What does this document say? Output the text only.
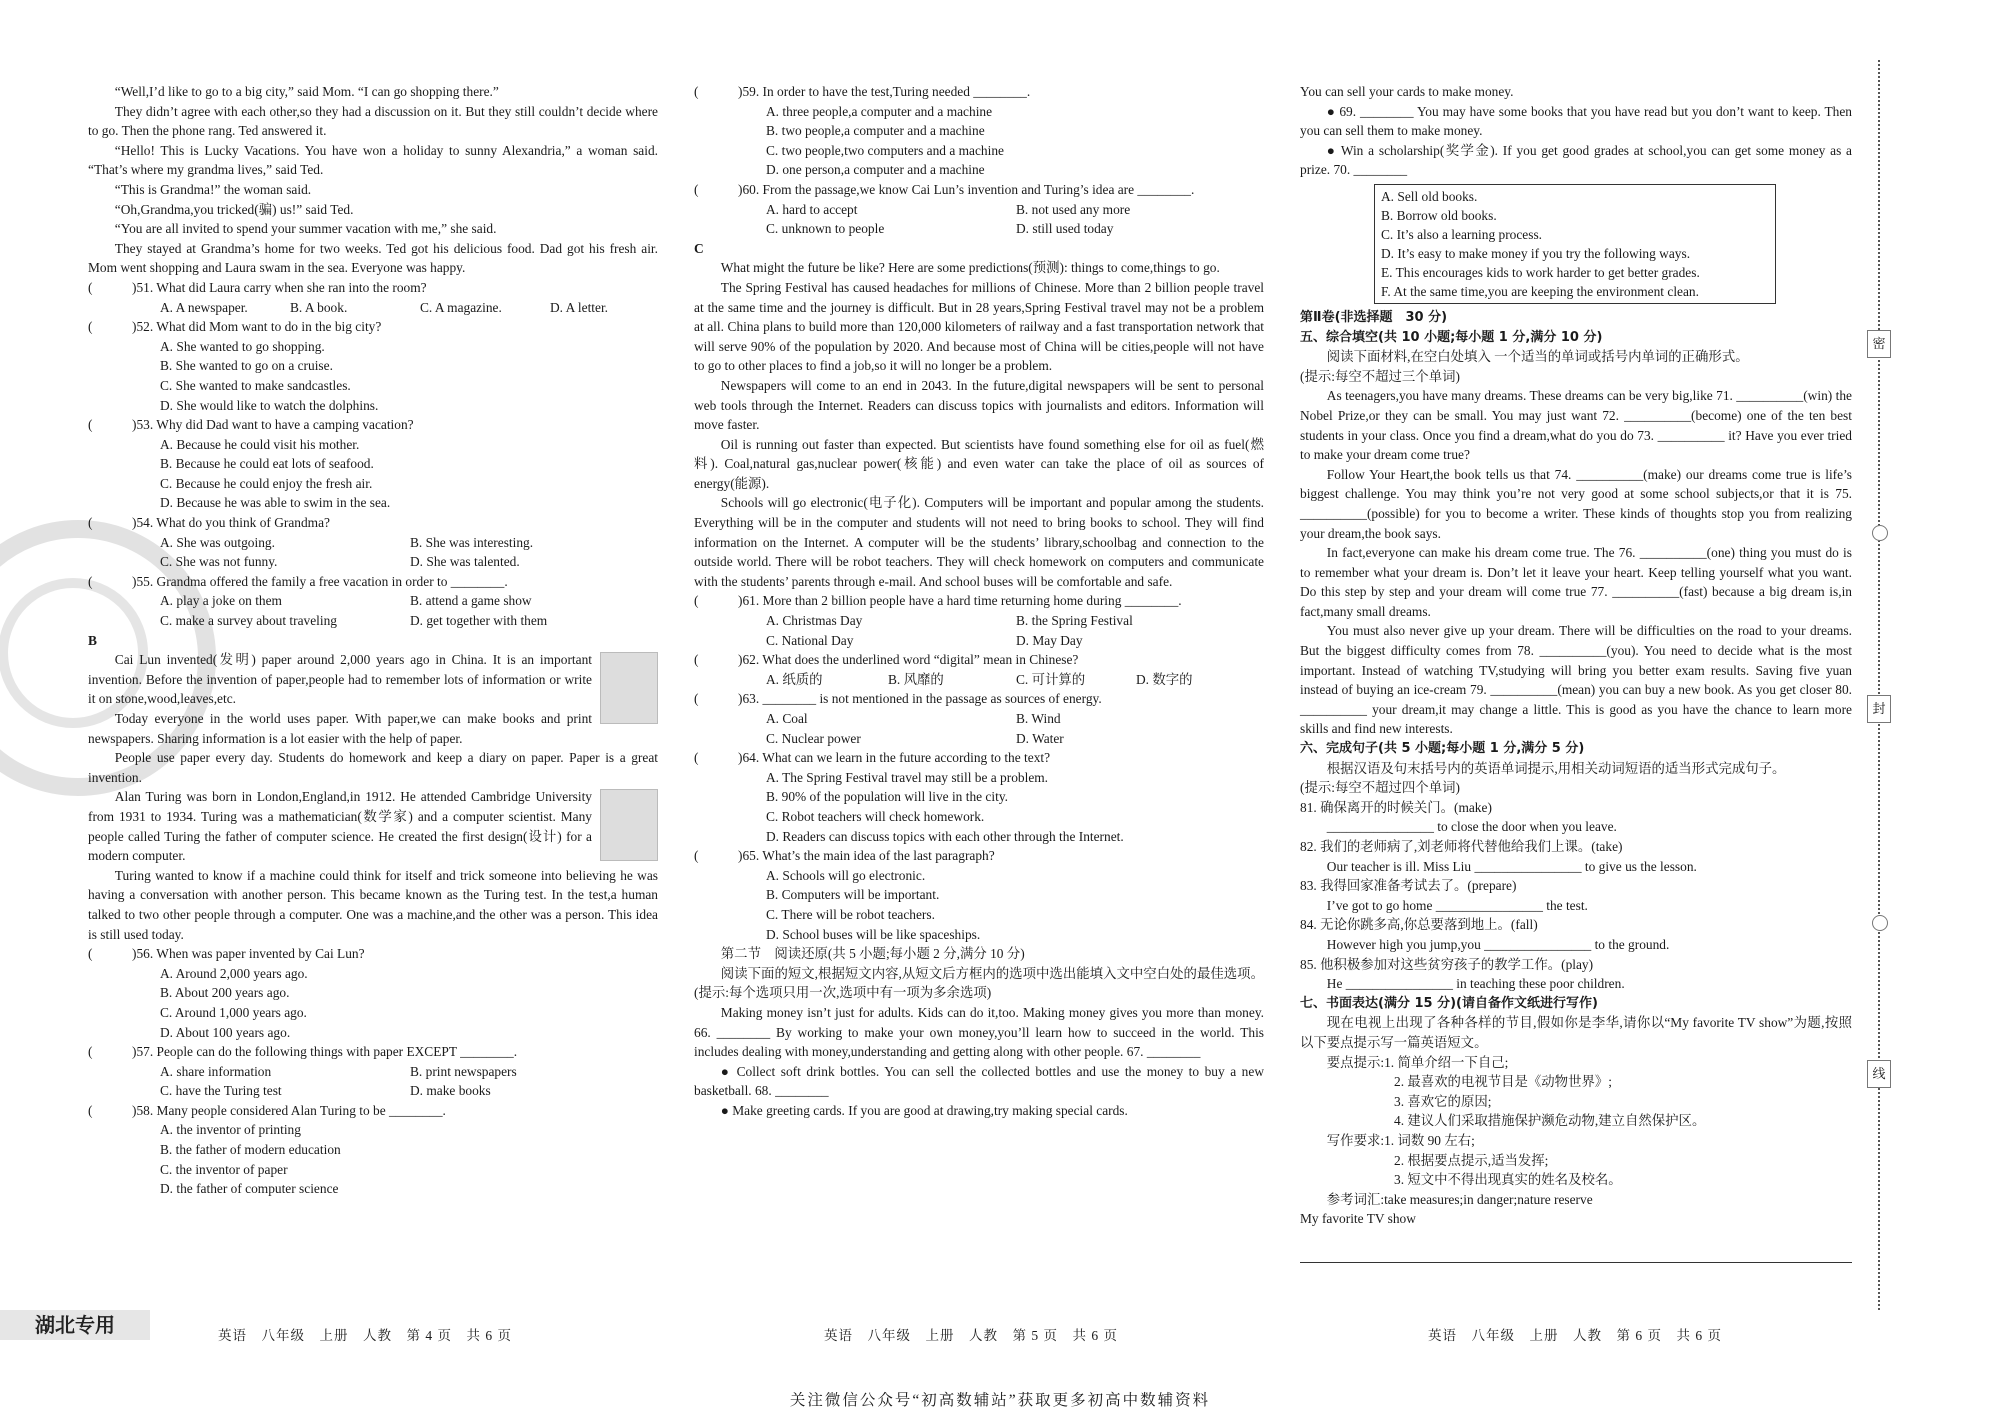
“Well,I’d like to go to a big city,” said Mom. “I can go shopping there.”

They didn’t agree with each other,so they had a discussion on it. But they still couldn’t decide where to go. Then the phone rang. Ted answered it.

“Hello! This is Lucky Vacations. You have won a holiday to sunny Alexandria,” a woman said. “That’s where my grandma lives,” said Ted.

“This is Grandma!” the woman said.

“Oh,Grandma,you tricked(骗) us!” said Ted.

“You are all invited to spend your summer vacation with me,” she said.

They stayed at Grandma’s home for two weeks. Ted got his delicious food. Dad got his fresh air. Mom went shopping and Laura swam in the sea. Everyone was happy.

(	)51. What did Laura carry when she ran into the room?

A. A newspaper.	B. A book.	C. A magazine.	D. A letter.

(	)52. What did Mom want to do in the big city?

A. She wanted to go shopping.

B. She wanted to go on a cruise.

C. She wanted to make sandcastles.

D. She would like to watch the dolphins.

(	)53. Why did Dad want to have a camping vacation?

A. Because he could visit his mother.

B. Because he could eat lots of seafood.

C. Because he could enjoy the fresh air.

D. Because he was able to swim in the sea.

(	)54. What do you think of Grandma?

A. She was outgoing.	B. She was interesting.
C. She was not funny.	D. She was talented.

(	)55. Grandma offered the family a free vacation in order to ________.

A. play a joke on them	B. attend a game show
C. make a survey about traveling	D. get together with them

B

Cai Lun invented(发明) paper around 2,000 years ago in China. It is an important invention. Before the invention of paper,people had to remember lots of information or write it on stone,wood,leaves,etc.

Today everyone in the world uses paper. With paper,we can make books and print newspapers. Sharing information is a lot easier with the help of paper.

People use paper every day. Students do homework and keep a diary on paper. Paper is a great invention.

Alan Turing was born in London,England,in 1912. He attended Cambridge University from 1931 to 1934. Turing was a mathematician(数学家) and a computer scientist. Many people called Turing the father of computer science. He created the first design(设计) for a modern computer.

Turing wanted to know if a machine could think for itself and trick someone into believing he was having a conversation with another person. This became known as the Turing test. In the test,a human talked to two other people through a computer. One was a machine,and the other was a person. This idea is still used today.

(	)56. When was paper invented by Cai Lun?

A. Around 2,000 years ago.

B. About 200 years ago.

C. Around 1,000 years ago.

D. About 100 years ago.

(	)57. People can do the following things with paper EXCEPT ________.

A. share information	B. print newspapers
C. have the Turing test	D. make books

(	)58. Many people considered Alan Turing to be ________.

A. the inventor of printing

B. the father of modern education

C. the inventor of paper

D. the father of computer science

(	)59. In order to have the test,Turing needed ________.

A. three people,a computer and a machine

B. two people,a computer and a machine

C. two people,two computers and a machine

D. one person,a computer and a machine

(	)60. From the passage,we know Cai Lun’s invention and Turing’s idea are ________.

A. hard to accept	B. not used any more
C. unknown to people	D. still used today

C

What might the future be like? Here are some predictions(预测): things to come,things to go.

The Spring Festival has caused headaches for millions of Chinese. More than 2 billion people travel at the same time and the journey is difficult. But in 28 years,Spring Festival travel may not be a problem at all. China plans to build more than 120,000 kilometers of railway and a fast transportation network that will serve 90% of the population by 2020. And because most of China will be cities,people will not have to go to other places to find a job,so it will no longer be a problem.

Newspapers will come to an end in 2043. In the future,digital newspapers will be sent to personal web tools through the Internet. Readers can discuss topics with journalists and editors. Information will move faster.

Oil is running out faster than expected. But scientists have found something else for oil as fuel(燃料). Coal,natural gas,nuclear power(核能) and even water can take the place of oil as sources of energy(能源).

Schools will go electronic(电子化). Computers will be important and popular among the students. Everything will be in the computer and students will not need to bring books to school. They will find information on the Internet. A computer will be the students’ library,schoolbag and connection to the outside world. There will be robot teachers. They will check homework on computers and communicate with the students’ parents through e-mail. And school buses will be comfortable and safe.

(	)61. More than 2 billion people have a hard time returning home during ________.

A. Christmas Day	B. the Spring Festival
C. National Day	D. May Day

(	)62. What does the underlined word “digital” mean in Chinese?

A. 纸质的	B. 风靡的	C. 可计算的	D. 数字的

(	)63. ________ is not mentioned in the passage as sources of energy.

A. Coal	B. Wind
C. Nuclear power	D. Water

(	)64. What can we learn in the future according to the text?

A. The Spring Festival travel may still be a problem.

B. 90% of the population will live in the city.

C. Robot teachers will check homework.

D. Readers can discuss topics with each other through the Internet.

(	)65. What’s the main idea of the last paragraph?

A. Schools will go electronic.

B. Computers will be important.

C. There will be robot teachers.

D. School buses will be like spaceships.

第二节　阅读还原(共 5 小题;每小题 2 分,满分 10 分)

阅读下面的短文,根据短文内容,从短文后方框内的选项中选出能填入文中空白处的最佳选项。(提示:每个选项只用一次,选项中有一项为多余选项)

Making money isn’t just for adults. Kids can do it,too. Making money gives you more than money. 66. ________ By working to make your own money,you’ll learn how to succeed in the world. This includes dealing with money,understanding and getting along with other people. 67. ________

● Collect soft drink bottles. You can sell the collected bottles and use the money to buy a new basketball. 68. ________

● Make greeting cards. If you are good at drawing,try making special cards.

You can sell your cards to make money.

● 69. ________ You may have some books that you have read but you don’t want to keep. Then you can sell them to make money.

● Win a scholarship(奖学金). If you get good grades at school,you can get some money as a prize. 70. ________

A. Sell old books.
B. Borrow old books.
C. It’s also a learning process.
D. It’s easy to make money if you try the following ways.
E. This encourages kids to work harder to get better grades.
F. At the same time,you are keeping the environment clean.

第Ⅱ卷(非选择题　30 分)

五、综合填空(共 10 小题;每小题 1 分,满分 10 分)

阅读下面材料,在空白处填入 一个适当的单词或括号内单词的正确形式。

(提示:每空不超过三个单词)

As teenagers,you have many dreams. These dreams can be very big,like 71. __________(win) the Nobel Prize,or they can be small. You may just want 72. __________(become) one of the ten best students in your class. Once you find a dream,what do you do 73. __________ it? Have you ever tried to make your dream come true?

Follow Your Heart,the book tells us that 74. __________(make) our dreams come true is life’s biggest challenge. You may think you’re not very good at some school subjects,or that it is 75. __________(possible) for you to become a writer. These kinds of thoughts stop you from realizing your dream,the book says.

In fact,everyone can make his dream come true. The 76. __________(one) thing you must do is to remember what your dream is. Don’t let it leave your heart. Keep telling yourself what you want. Do this step by step and your dream will come true 77. __________(fast) because a big dream is,in fact,many small dreams.

You must also never give up your dream. There will be difficulties on the road to your dreams. But the biggest difficulty comes from 78. __________(you). You need to decide what is the most important. Instead of watching TV,studying will bring you better exam results. Saving five yuan instead of buying an ice-cream 79. __________(mean) you can buy a new book. As you get closer 80. __________ your dream,it may change a little. This is good as you have the chance to learn more skills and find new interests.

六、完成句子(共 5 小题;每小题 1 分,满分 5 分)

根据汉语及句末括号内的英语单词提示,用相关动词短语的适当形式完成句子。

(提示:每空不超过四个单词)

81. 确保离开的时候关门。(make)

________________ to close the door when you leave.

82. 我们的老师病了,刘老师将代替他给我们上课。(take)

Our teacher is ill. Miss Liu ________________ to give us the lesson.

83. 我得回家准备考试去了。(prepare)

I’ve got to go home ________________ the test.

84. 无论你跳多高,你总要落到地上。(fall)

However high you jump,you ________________ to the ground.

85. 他积极参加对这些贫穷孩子的教学工作。(play)

He ________________ in teaching these poor children.

七、书面表达(满分 15 分)(请自备作文纸进行写作)

现在电视上出现了各种各样的节目,假如你是李华,请你以“My favorite TV show”为题,按照以下要点提示写一篇英语短文。

要点提示:1. 简单介绍一下自己;

2. 最喜欢的电视节目是《动物世界》;

3. 喜欢它的原因;

4. 建议人们采取措施保护濒危动物,建立自然保护区。

写作要求:1. 词数 90 左右;

2. 根据要点提示,适当发挥;

3. 短文中不得出现真实的姓名及校名。

参考词汇:take measures;in danger;nature reserve

My favorite TV show

密
封
线
湖北专用	英语　八年级　上册　人教　第 4 页　共 6 页	英语　八年级　上册　人教　第 5 页　共 6 页	英语　八年级　上册　人教　第 6 页　共 6 页
关注微信公众号“初高数辅站”获取更多初高中数辅资料
